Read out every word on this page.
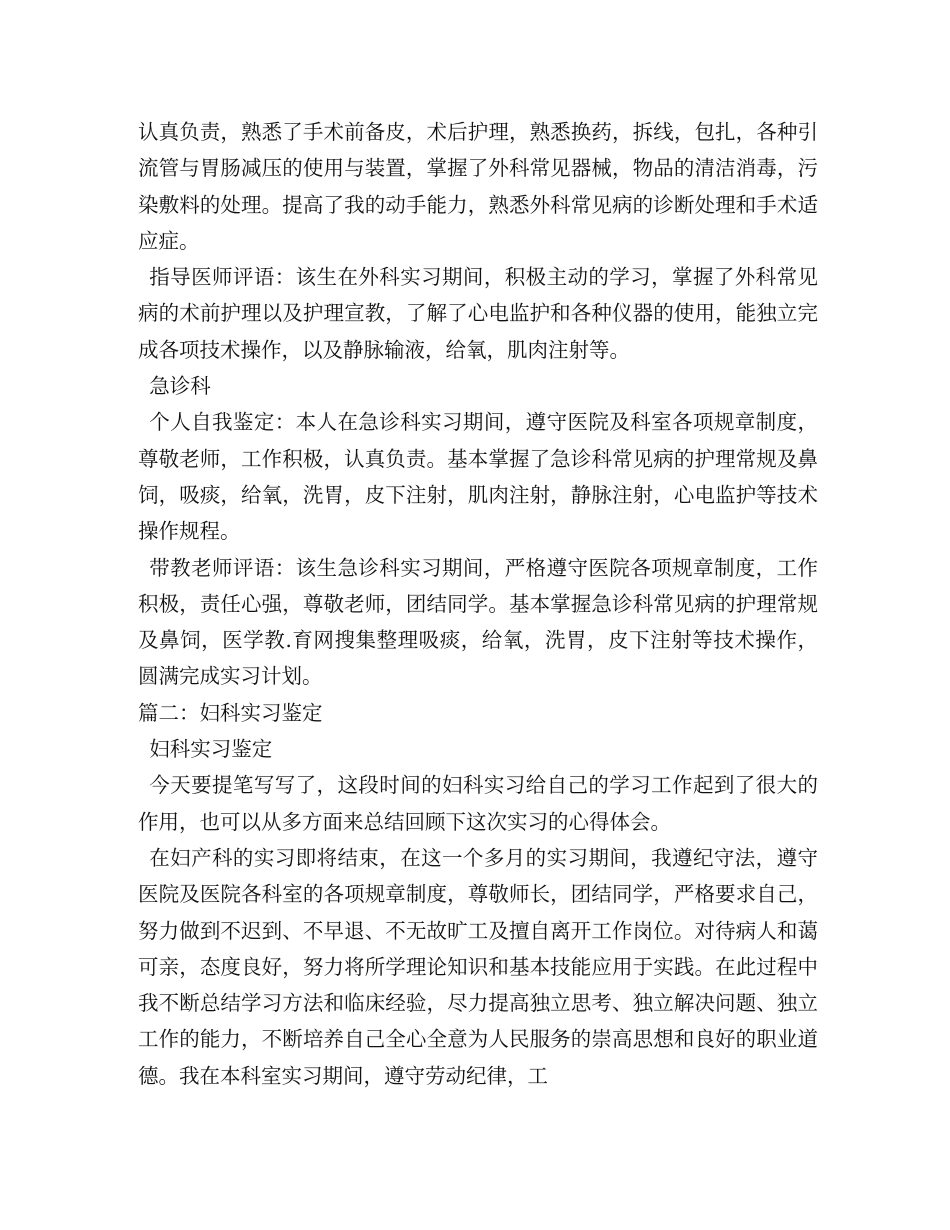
认真负责，熟悉了手术前备皮，术后护理，熟悉换药，拆线，包扎，各种引流管与胃肠减压的使用与装置，掌握了外科常见器械，物品的清洁消毒，污染敷料的处理。提高了我的动手能力，熟悉外科常见病的诊断处理和手术适应症。

指导医师评语：该生在外科实习期间，积极主动的学习，掌握了外科常见病的术前护理以及护理宣教，了解了心电监护和各种仪器的使用，能独立完成各项技术操作，以及静脉输液，给氧，肌肉注射等。

急诊科

个人自我鉴定：本人在急诊科实习期间，遵守医院及科室各项规章制度，尊敬老师，工作积极，认真负责。基本掌握了急诊科常见病的护理常规及鼻饲，吸痰，给氧，洗胃，皮下注射，肌肉注射，静脉注射，心电监护等技术操作规程。

带教老师评语：该生急诊科实习期间，严格遵守医院各项规章制度，工作积极，责任心强，尊敬老师，团结同学。基本掌握急诊科常见病的护理常规及鼻饲，医学教.育网搜集整理吸痰，给氧，洗胃，皮下注射等技术操作，圆满完成实习计划。

篇二：妇科实习鉴定

妇科实习鉴定

今天要提笔写写了，这段时间的妇科实习给自己的学习工作起到了很大的作用，也可以从多方面来总结回顾下这次实习的心得体会。

在妇产科的实习即将结束，在这一个多月的实习期间，我遵纪守法，遵守医院及医院各科室的各项规章制度，尊敬师长，团结同学，严格要求自己，努力做到不迟到、不早退、不无故旷工及擅自离开工作岗位。对待病人和蔼可亲，态度良好，努力将所学理论知识和基本技能应用于实践。在此过程中我不断总结学习方法和临床经验，尽力提高独立思考、独立解决问题、独立工作的能力，不断培养自己全心全意为人民服务的崇高思想和良好的职业道德。我在本科室实习期间，遵守劳动纪律，工
